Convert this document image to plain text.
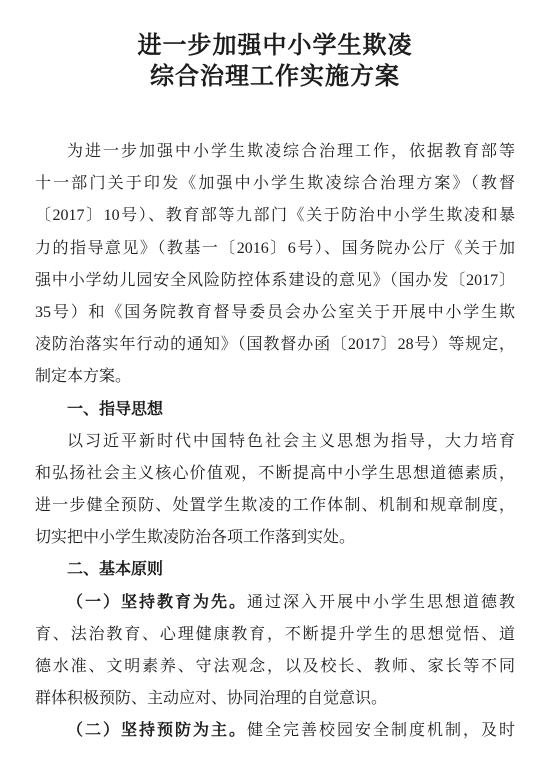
进一步加强中小学生欺凌
综合治理工作实施方案
为进一步加强中小学生欺凌综合治理工作，依据教育部等
十一部门关于印发《加强中小学生欺凌综合治理方案》（教督
〔2017〕10号）、教育部等九部门《关于防治中小学生欺凌和暴
力的指导意见》（教基一〔2016〕6号）、国务院办公厅《关于加
强中小学幼儿园安全风险防控体系建设的意见》（国办发〔2017〕
35号）和《国务院教育督导委员会办公室关于开展中小学生欺
凌防治落实年行动的通知》（国教督办函〔2017〕28号）等规定，
制定本方案。
一、指导思想
以习近平新时代中国特色社会主义思想为指导，大力培育
和弘扬社会主义核心价值观，不断提高中小学生思想道德素质，
进一步健全预防、处置学生欺凌的工作体制、机制和规章制度，
切实把中小学生欺凌防治各项工作落到实处。
二、基本原则
（一）坚持教育为先。通过深入开展中小学生思想道德教
育、法治教育、心理健康教育，不断提升学生的思想觉悟、道
德水准、文明素养、守法观念，以及校长、教师、家长等不同
群体积极预防、主动应对、协同治理的自觉意识。
（二）坚持预防为主。健全完善校园安全制度机制，及时
